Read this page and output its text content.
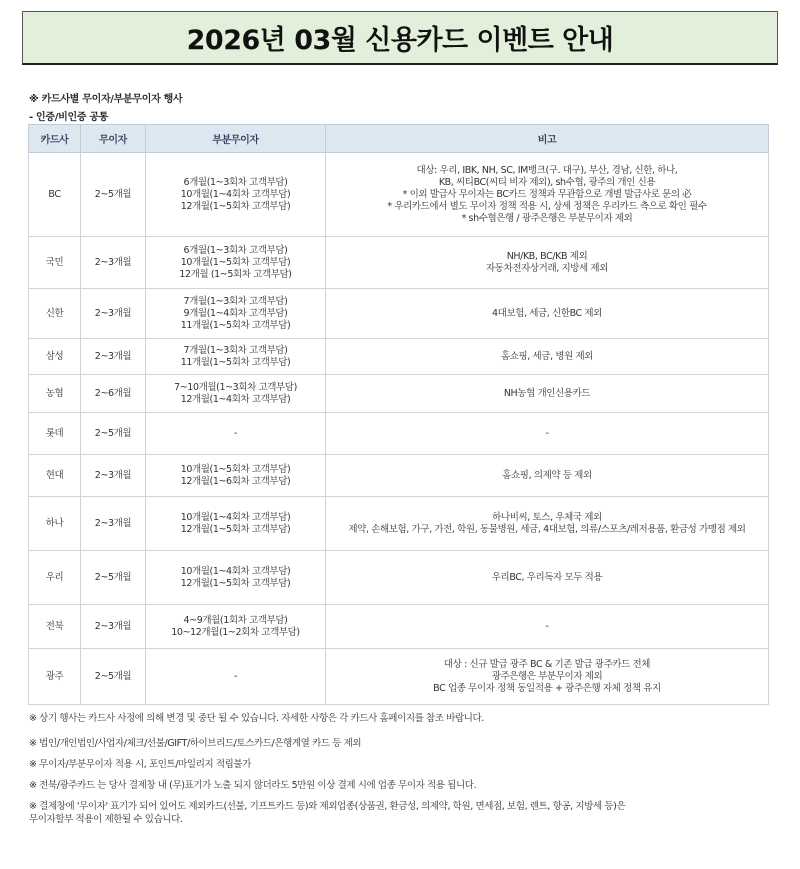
2026년 03월 신용카드 이벤트 안내
※ 카드사별 무이자/부분무이자 행사
- 인증/비인증 공통
카드사	무이자	부분무이자	비고
BC	2~5개월	6개월(1~3회차 고객부담)
10개월(1~4회차 고객부담)
12개월(1~5회차 고객부담)	대상: 우리, IBK, NH, SC, IM뱅크(구. 대구), 부산, 경남, 신한, 하나,
KB, 씨티BC(씨티 비자 제외), sh수협, 광주의 개인 신용
* 이외 발급사 무이자는 BC카드 정책과 무관함으로 개별 발급사로 문의 必
* 우리카드에서 별도 무이자 정책 적용 시, 상세 정책은 우리카드 측으로 확인 필수
* sh수협은행 / 광주은행은 부분무이자 제외

국민	2~3개월	6개월(1~3회차 고객부담)
10개월(1~5회차 고객부담)
12개월 (1~5회차 고객부담)	NH/KB, BC/KB 제외
자동차전자상거래, 지방세 제외

신한	2~3개월	7개월(1~3회차 고객부담)
9개월(1~4회차 고객부담)
11개월(1~5회차 고객부담)	4대보험, 세금, 신한BC 제외

삼성	2~3개월	7개월(1~3회차 고객부담)
11개월(1~5회차 고객부담)	홈쇼핑, 세금, 병원 제외

농협	2~6개월	7~10개월(1~3회차 고객부담)
12개월(1~4회차 고객부담)	NH농협 개인신용카드

롯데	2~5개월	-	-

현대	2~3개월	10개월(1~5회차 고객부담)
12개월(1~6회차 고객부담)	홈쇼핑, 의제약 등 제외

하나	2~3개월	10개월(1~4회차 고객부담)
12개월(1~5회차 고객부담)	하나비씨, 토스, 우체국 제외
제약, 손해보험, 가구, 가전, 학원, 동물병원, 세금, 4대보험, 의류/스포츠/레저용품, 환금성 가맹점 제외

우리	2~5개월	10개월(1~4회차 고객부담)
12개월(1~5회차 고객부담)	우리BC, 우리독자 모두 적용

전북	2~3개월	4~9개월(1회차 고객부담)
10~12개월(1~2회차 고객부담)	-

광주	2~5개월	-	대상 : 신규 발급 광주 BC & 기존 발급 광주카드 전체
광주은행은 부분무이자 제외
BC 업종 무이자 정책 동일적용 + 광주은행 자체 정책 유지
※ 상기 행사는 카드사 사정에 의해 변경 및 중단 될 수 있습니다. 자세한 사항은 각 카드사 홈페이지를 참조 바랍니다.
※ 법인/개인법인/사업자/체크/선불/GIFT/하이브리드/토스카드/은행계열 카드 등 제외
※ 무이자/부분무이자 적용 시, 포인트/마일리지 적립불가
※ 전북/광주카드 는 당사 결제창 내 (무)표기가 노출 되지 않더라도 5만원 이상 결제 시에 업종 무이자 적용 됩니다.
※ 결제창에 '무이자' 표기가 되어 있어도 제외카드(선불, 기프트카드 등)와 제외업종(상품권, 환금성, 의제약, 학원, 면세점, 보험, 렌트, 항공, 지방세 등)은
무이자할부 적용이 제한될 수 있습니다.
